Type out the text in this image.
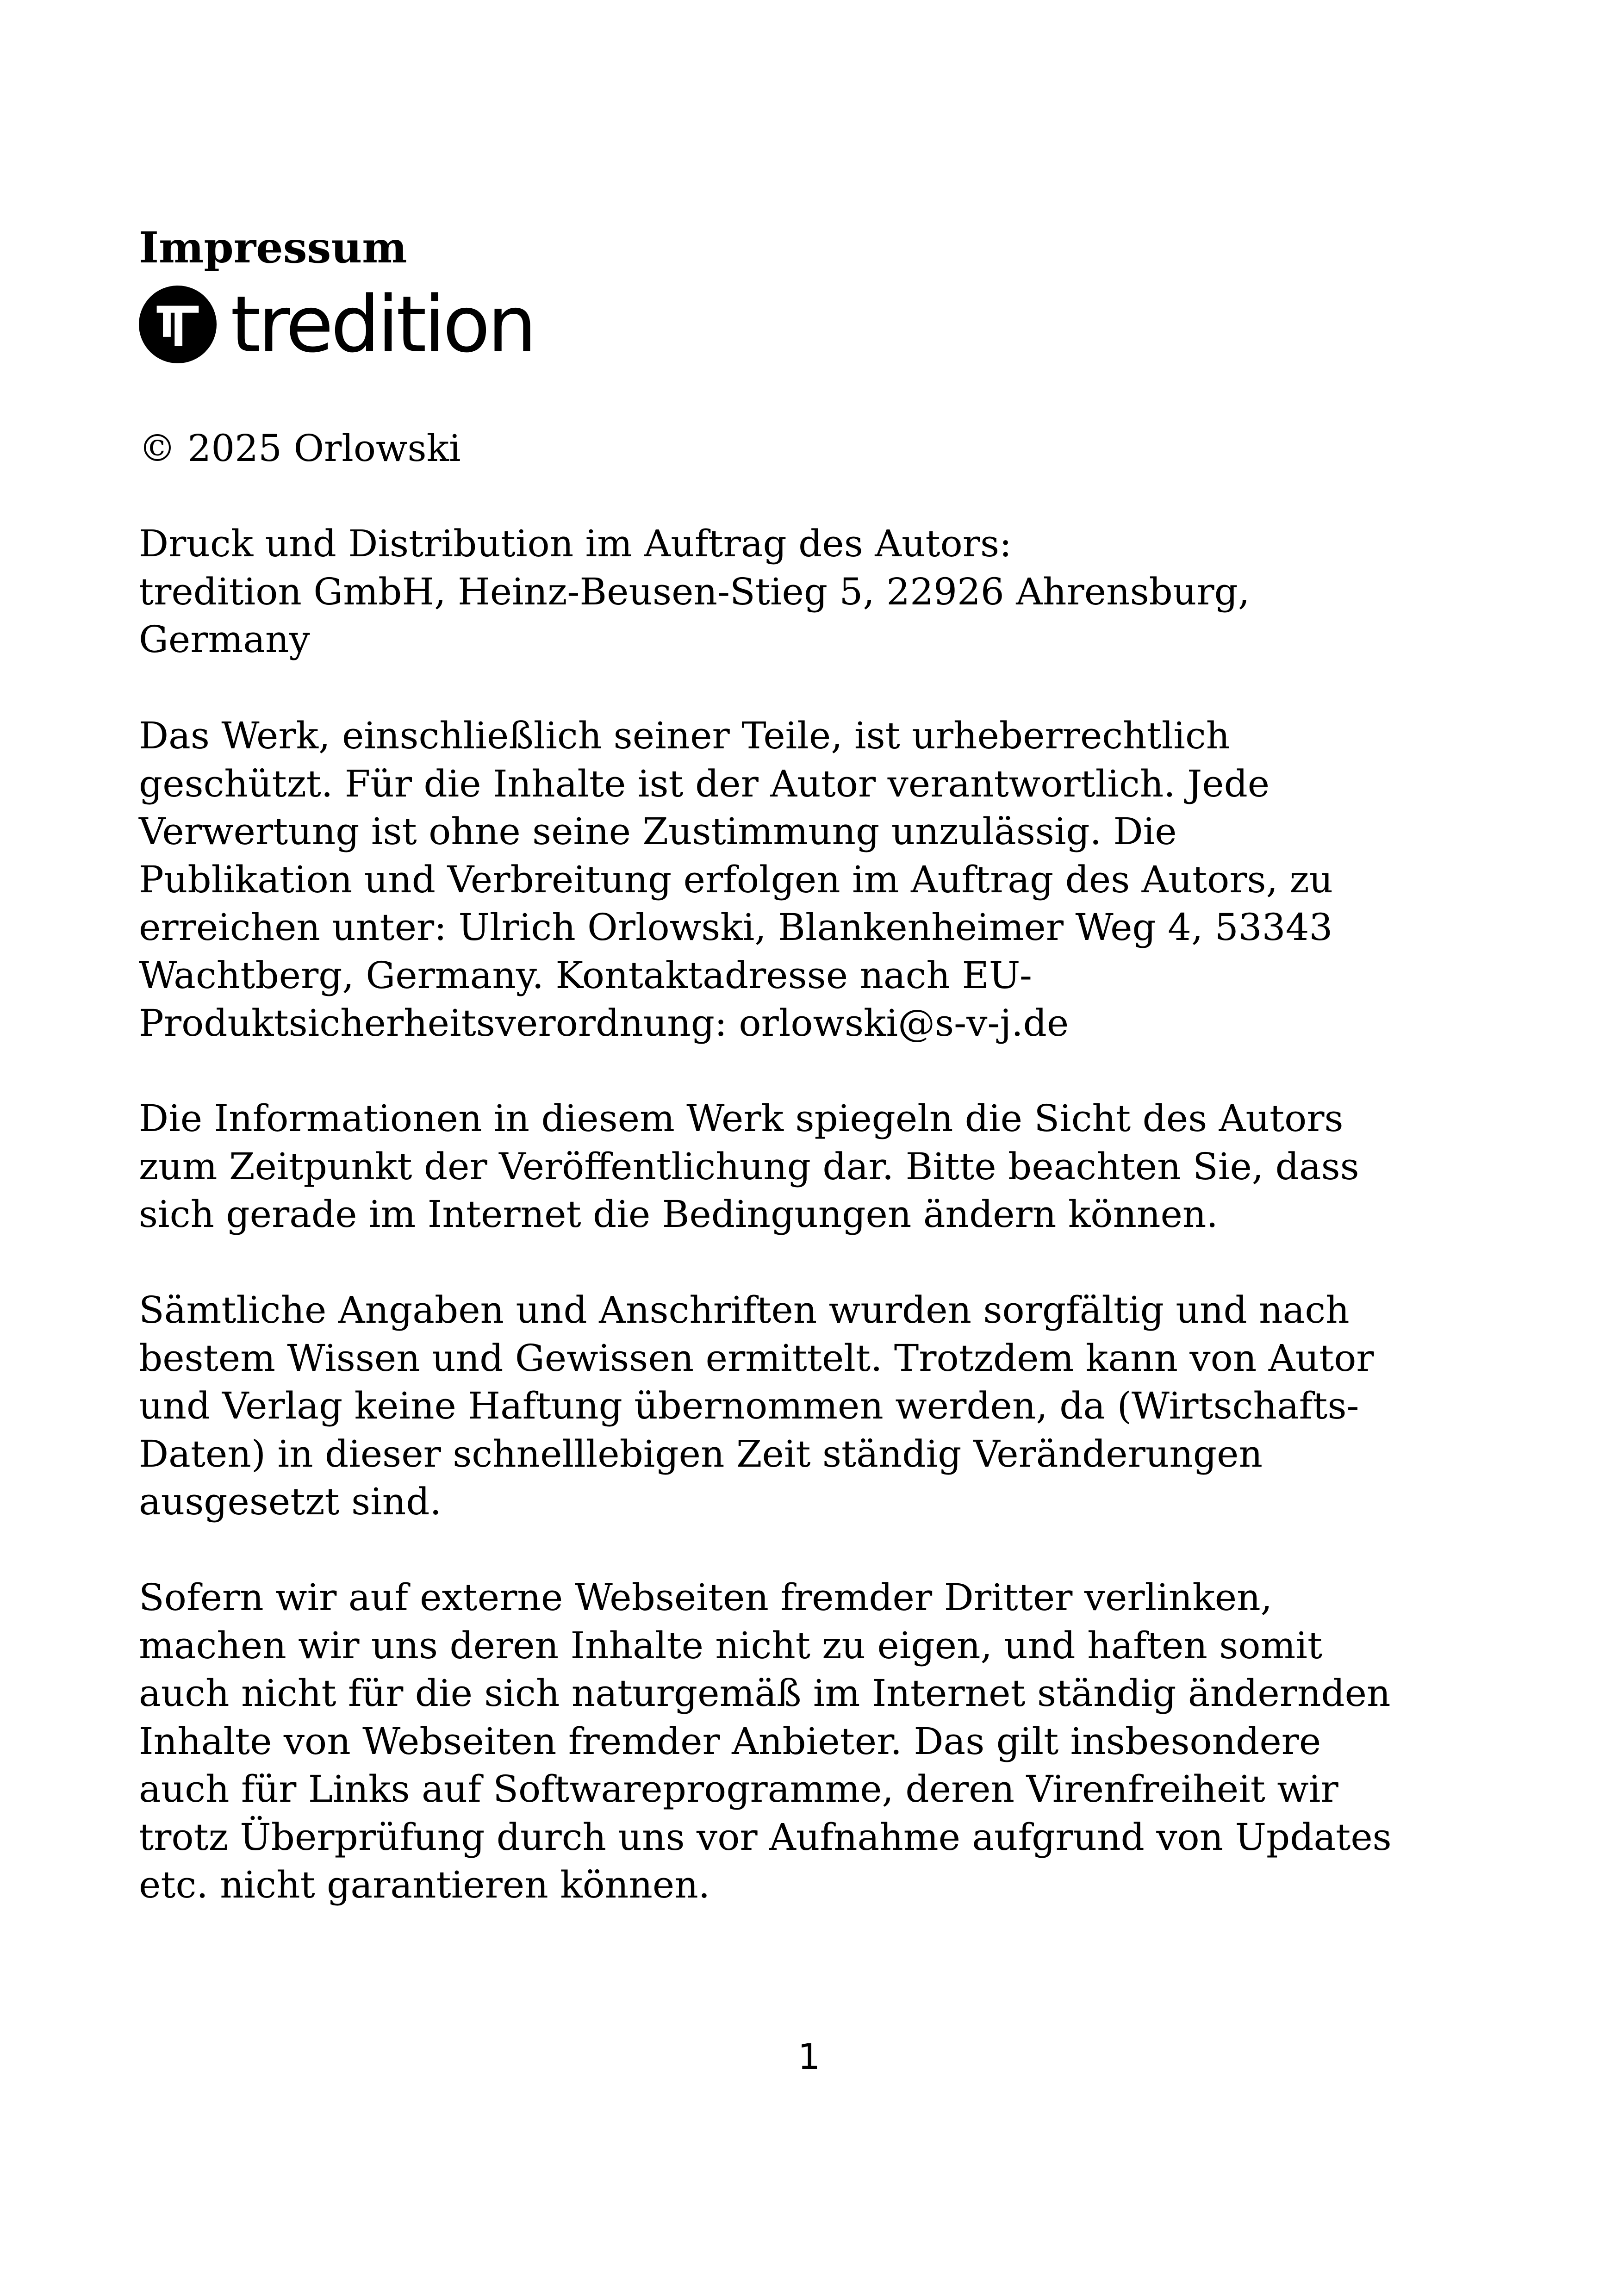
Impressum
tredition

© 2025 Orlowski

Druck und Distribution im Auftrag des Autors:
tredition GmbH, Heinz-Beusen-Stieg 5, 22926 Ahrensburg,
Germany

Das Werk, einschließlich seiner Teile, ist urheberrechtlich
geschützt. Für die Inhalte ist der Autor verantwortlich. Jede
Verwertung ist ohne seine Zustimmung unzulässig. Die
Publikation und Verbreitung erfolgen im Auftrag des Autors, zu
erreichen unter: Ulrich Orlowski, Blankenheimer Weg 4, 53343
Wachtberg, Germany. Kontaktadresse nach EU-
Produktsicherheitsverordnung: orlowski@s-v-j.de

Die Informationen in diesem Werk spiegeln die Sicht des Autors
zum Zeitpunkt der Veröffentlichung dar. Bitte beachten Sie, dass
sich gerade im Internet die Bedingungen ändern können.

Sämtliche Angaben und Anschriften wurden sorgfältig und nach
bestem Wissen und Gewissen ermittelt. Trotzdem kann von Autor
und Verlag keine Haftung übernommen werden, da (Wirtschafts-
Daten) in dieser schnelllebigen Zeit ständig Veränderungen
ausgesetzt sind.

Sofern wir auf externe Webseiten fremder Dritter verlinken,
machen wir uns deren Inhalte nicht zu eigen, und haften somit
auch nicht für die sich naturgemäß im Internet ständig ändernden
Inhalte von Webseiten fremder Anbieter. Das gilt insbesondere
auch für Links auf Softwareprogramme, deren Virenfreiheit wir
trotz Überprüfung durch uns vor Aufnahme aufgrund von Updates
etc. nicht garantieren können.

1
